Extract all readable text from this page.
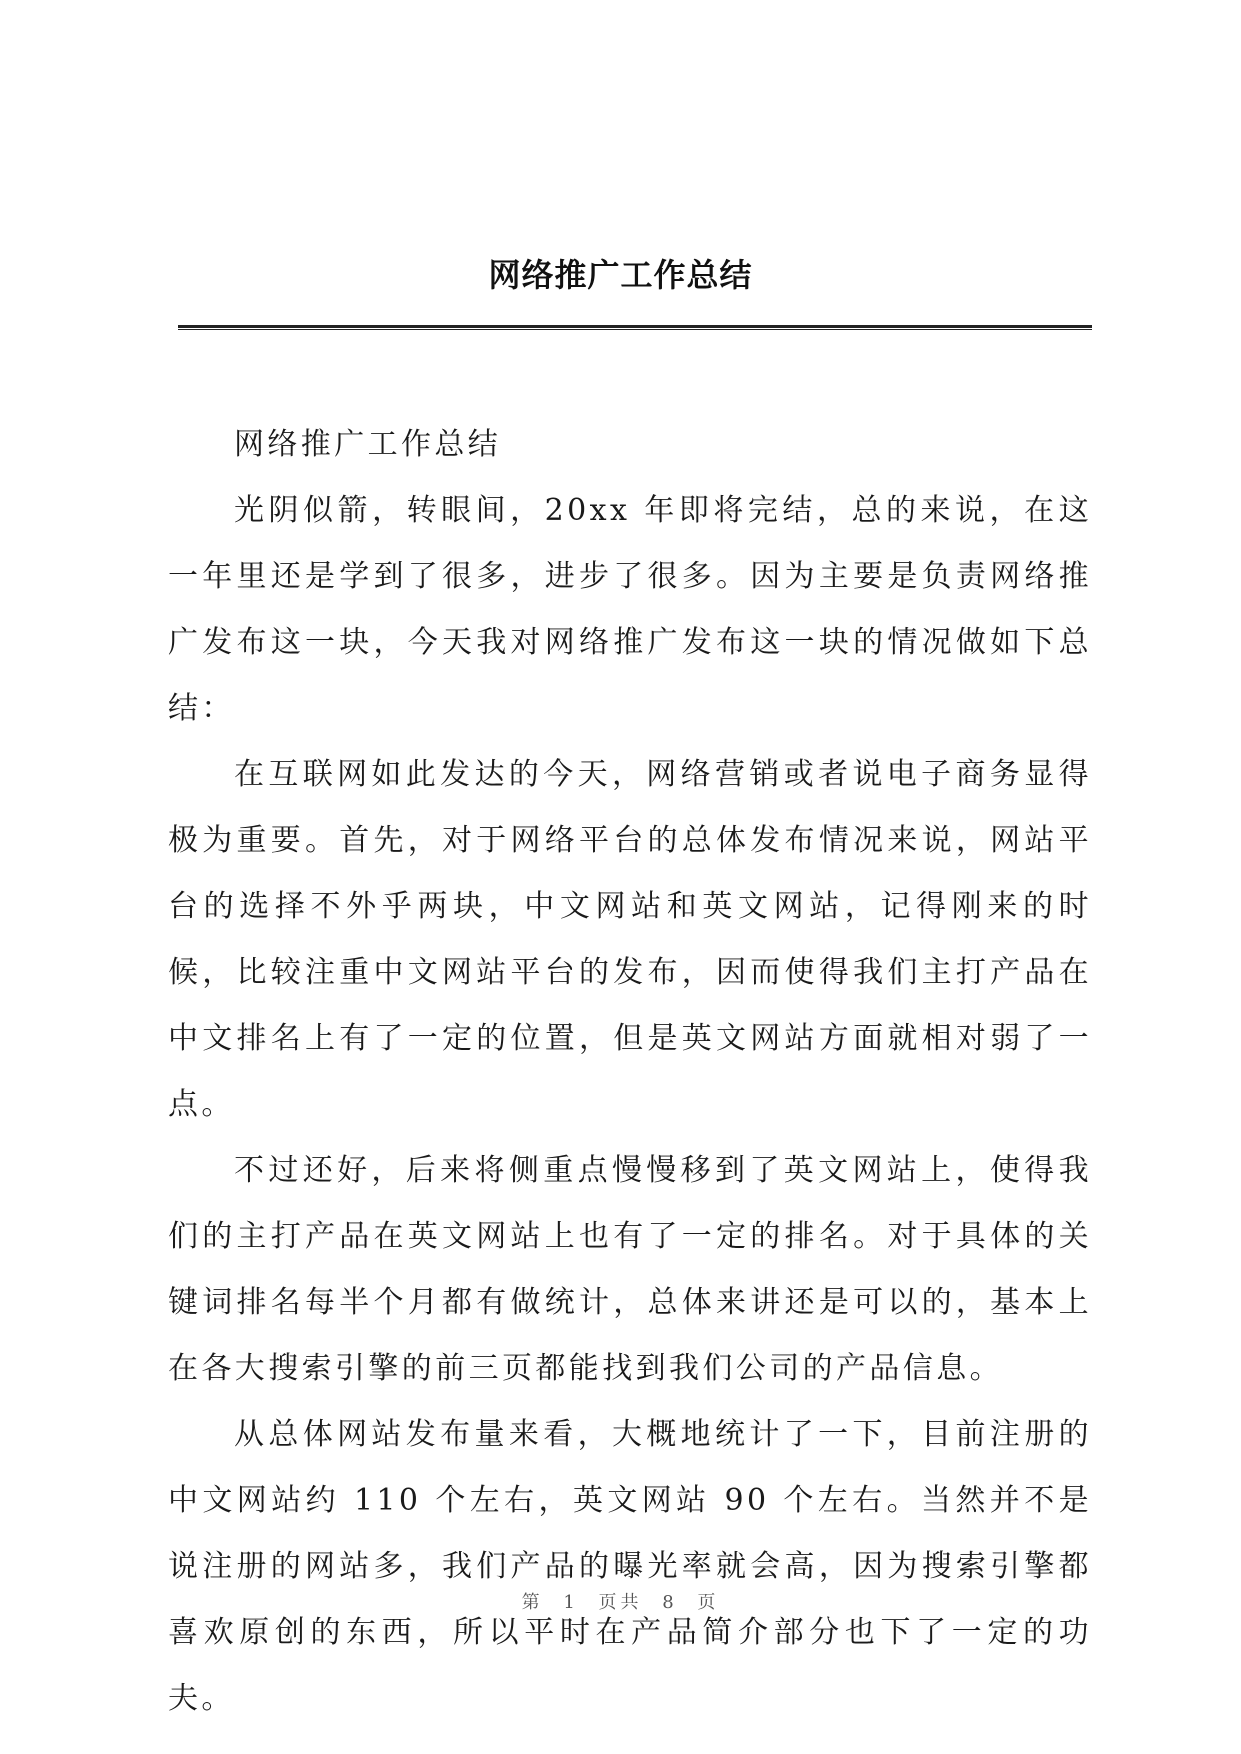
网络推广工作总结

网络推广工作总结

光阴似箭，转眼间，20xx 年即将完结，总的来说，在这一年里还是学到了很多，进步了很多。因为主要是负责网络推广发布这一块，今天我对网络推广发布这一块的情况做如下总结：

在互联网如此发达的今天，网络营销或者说电子商务显得极为重要。首先，对于网络平台的总体发布情况来说，网站平台的选择不外乎两块，中文网站和英文网站，记得刚来的时候，比较注重中文网站平台的发布，因而使得我们主打产品在中文排名上有了一定的位置，但是英文网站方面就相对弱了一点。

不过还好，后来将侧重点慢慢移到了英文网站上，使得我们的主打产品在英文网站上也有了一定的排名。对于具体的关键词排名每半个月都有做统计，总体来讲还是可以的，基本上在各大搜索引擎的前三页都能找到我们公司的产品信息。

从总体网站发布量来看，大概地统计了一下，目前注册的中文网站约 110 个左右，英文网站 90 个左右。当然并不是说注册的网站多，我们产品的曝光率就会高，因为搜索引擎都喜欢原创的东西，所以平时在产品简介部分也下了一定的功夫。

第 1 页共 8 页
